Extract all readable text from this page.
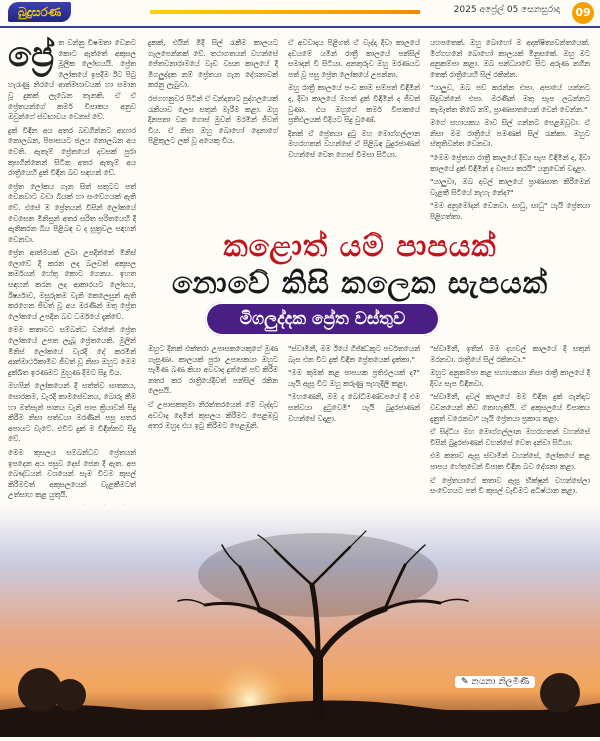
බුදුසරණ	2025 අප්‍රේල් 05 සෙනසුරාදා	09
ප්‍රේ ත වන්නු විෂමතා වෙනට කොට ඇත්තේ අකුසල මූලික ලෝභයයි. ප්‍රේත ලෝකයේ ඉපදීම ඊට පිටු හැරැණු නිරයේ ආත්මභාවයක් හා සමාන වූ දුකක් ලැබෙන තැනකි. ඒ ඒ ප්‍රේතයන්ගේ කර්ම විපාකය අනුව ඔවුන්ගේ ස්වභාවය වෙනස් වේ.

දුක් විඳින අය අතර බඩගින්නට ආහාර නොලබන, පිපාසයට ජලය නොලබන අය වෙති. ඇතැම් ප්‍රේතයෝ දවසක් පුරා කුසගින්නෙන් සිටින අතර ඇතැම් අය රාත්‍රියෙහි දුක් විඳින බව සඳහන් වේ.

ප්‍රේත ලෝකය ගැන සිත් සතුටට පත් වෙනවාට වඩා බියක් හා සංවේගයක් ඇති වේ. එසේ ම ප්‍රේතයන් විසින් ලෝකයේ වෙසෙන මිනිසුන් අතර සරිත සරිතයෙහි දී ඇතිකරන බිය පිළිබඳ ව ද සූත්‍රවල සඳහන් වෙනවා.

ප්‍රේත ආත්මයක් ලබා උපදින්නේ මිනිස් ලොවේ දී කරන ලද බලවත් අකුසල කර්මයන් හේතු කොට ගෙනය. ඉහත සඳහන් කරන ලද ආකාරයට ලෝභය, ඊර්ෂ්‍යාව, මසුරුකම වැනි කෙලෙසුන් ඇති කරගෙන ජීවත් වූ අය මරණින් මතු ප්‍රේත ලෝකයේ උපදින බව ධර්මයේ දැක්වේ.

මෙම කතාවට සම්බන්ධ වන්නේ ප්‍රේත ලෝකයේ උපත ලැබූ ප්‍රේතයෙකි. මුලින් මිනිස් ලෝකයේ වැරදි දේ කරමින් ආත්මාර්ථකාමීව ජීවත් වූ නිසා ඔහුට මෙම දුක්ඛිත ඉරණමට මුහුණ දීමට සිදු විය.

මහපින් ලෝකයෙන් දී සත්ත්ව ඝාතනය, සොරකම, වැරදි කාමසේවනය, බොරු කීම හා මත්පැන් පානය වැනි පාප ක්‍රියාවන් සිදු කිරීම නිසා සත්වයා මරණින් පසු සතර අපායට වැටේ. එවිට දුක් ම විඳින්නට සිදු වේ.

මෙම කුසලය සම්බන්ධව ප්‍රේතයන් ඉපදෙන අය පසුව දෙස් ජෙන දී ඇත. අප බෞද්ධයන් වශයෙන් සැම විටම කුසල් කිරීමටත් අකුසලයෙන් වැළකීමටත් උත්සාහ කළ යුතුයි.

දුකක්, එයින් මිදී සිල් රැකීම කාලයට ගැලපෙන්නක් වේ. තථාගතයන් වහන්සේ ජේතවනාරාමයේ වැඩ වසන කාලයේ දී මිගලුද්දක නම් ප්‍රේතයා ගැන දේශනාවක් කරනු ලැබුවා.

රජගහනුවර පිටින් ඒ වන්දනාට පුද්ගලයෙක් රැකියාව ලෙස සතුන් මැරීම කළා. ඔහු දිනපතා වන ගොස් මුවන් මරමින් ජීවත් විය. ඒ නිසා ඔහු බොහෝ දෙනාගේ පිළිකුලට ලක් වූ අයෙකු විය.

ඒ අවවාදය පිළිගත් ඒ වැද්දා දිවා කාලයේ දඩයමේ යමින් රාත්‍රී කාලයේ පන්සිල් සමාදන් වී සිටියා. අනතුරුව ඔහු මරණයට පත් වූ පසු ප්‍රේත ලෝකයේ උපන්නා.

ඔහු රාත්‍රී කාලයේ පංච කාම සම්පත් විඳිමින් ද, දිවා කාලයේ මහත් දුක් විඳිමින් ද ජීවත් වුණා. එය ඔහුගේ කර්ම විපාකයේ ප්‍රතිඵලයක් විදියට සිදු වුණේ.

දිනක් ඒ ප්‍රේතයා දුටු මහ මොග්ගල්ලාන මහරහතන් වහන්සේ ඒ පිළිබඳ බුදුරජාණන් වහන්සේ වෙත ගොස් විමසා සිටියා.

යහපතෙක්. ඔහු බොහෝ ම අදක්ෂිත්‍යවන්තයෙක්. මිග්ගහනේ බොහෝ කාලයක් මිනුසකේ. ඔහු මට අනුකම්පා කළා. ඔබ සන්ධ්‍යාවේ සිට අරුණ නගින තෙක් රාත්‍රියෙහි සිල් රකින්න.

"යාලුව, ඔබ පව් කරන්න එපා. අපායේ යන්නට සිදුවන්නේ එපා. මරණින් මතු සැප ලබන්නට කැමැත්ත තිබේ නම්, ප්‍රාණඝාතයෙන් වෙන් වෙන්න."

මගේ සහායකය මාව සිල් ගන්නට පෙළඹවූවා. ඒ නිසා මම රාත්‍රියේ පමණක් සිල් රැක්කා. ඔහුට ස්තූතිවන්ත වෙනවා.

"මෙම ප්‍රේතයා රාත්‍රී කාලයේ දිව්‍ය සැප විඳිමින් ද, දිවා කාලයේ දුක් විඳිමින් ද වාසය කරයි" යනුවෙන් වදාළා.

"යාලුවා, ඔබ දවල් කාලයේ ප්‍රාණඝාත කිරීමෙන් වැළකී සිටියේ නැහැ නේද?"

"මම අනුමෝදන් වෙනවා. සාධු, සාධු" යැයි ප්‍රේතයා පිළිගත්තා.

කළොත් යම් පාපයක්
නොවේ කිසි කලෙක සැපයක්
මිගලුද්දක ප්‍රේත වස්තුව

ඔහුට දිනක් එක්තරා උපාසකයෙකුගේ මුණ ගැසුණා. කාලයක් පුරා උපාසකයා ඔහුට පැමිණ බණ කියා අවවාද දුන්නේ පව් කිරීම නතර කර රාත්‍රියේදීවත් පන්සිල් රකින ලෙසයි.

ඒ උපාසකතුමා නිරන්තරයෙන් මේ වැද්දාට අවවාද දෙමින් කුසලය කිරීමට පෙළඹවූ අතර ඔහුද එය ඉටු කිරීමට පෙළඹුනි.

"ස්වාමීනී, මම ඊයේ ගිජ්ඣකූට පර්වතයෙන් බැස එන විට දුක් විඳින ප්‍රේතයෙක් දැක්කා."

"මම කුමක් කළ පාපයක ප්‍රතිඵලයක් ද?" යැයි ඇසූ විට ඔහු කරුණු පැහැදිලි කළා.

"මහණෙනි, මම ද බෝධිමණ්ඩපයේ දී එම සත්වයා දුටුවෙමි" යැයි බුදුරජාණන් වහන්සේ වදාළා.

"ස්වාමීනී, ඉතින් මම දහවල් කාලයේ දී සතුන් මරනවා. රාත්‍රියේ සිල් රකිනවා."

ඔහුට අනුකම්පා කළ සහායකයා නිසා රාත්‍රී කාලයේ දී දිව්‍ය සැප විඳිනවා.

"ස්වාමීනී, දවල් කාලයේ මම විඳින දුක් ගැන්දාට වචනයෙන් කිව නොහැකියි. ඒ අකුසලයේ විපාකය දැනුත් වරෙනවා" යැයි ප්‍රේතයා ප්‍රකාශ කළා.

ඒ සිද්ධිය මහ මොග්ගල්ලාන මහරහතන් වහන්සේ විසින් බුදුරජාණන් වහන්සේ වෙත දන්වා සිටියා.

එම කතාව ඇසූ ස්වාමීන් වහන්සේ, ලෝකයේ කළ පාපය හේතුවෙන් විපාක විඳින බව දේශනා කළා.

ඒ ප්‍රේතයාගේ කතාව ඇසූ භික්ෂූන් වහන්සේලා සංවේගයට පත් වී කුසල් වැඩීමට අධිෂ්ඨාන කළා.

✎ නයනා නිලමිණි
